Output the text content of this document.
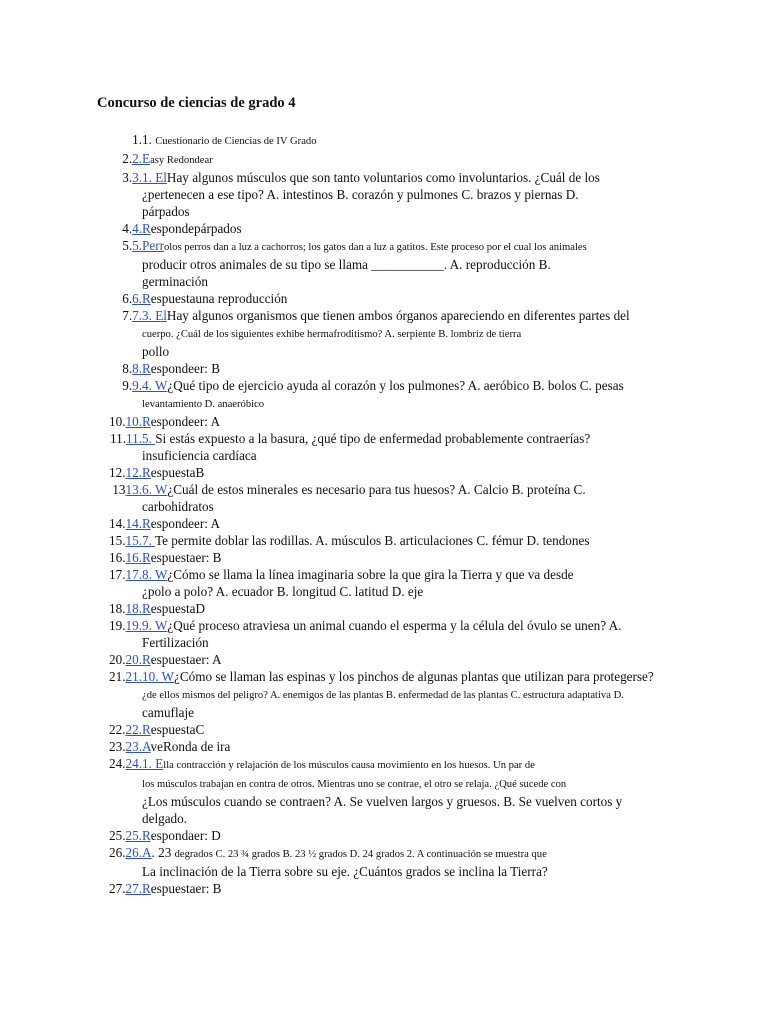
Concurso de ciencias de grado 4
1. 1. Cuestionario de Ciencias de IV Grado
2. 2. Easy Redondear
3. 3. 1. ElHay algunos músculos que son tanto voluntarios como involuntarios. ¿Cuál de los
¿pertenecen a ese tipo? A. intestinos B. corazón y pulmones C. brazos y piernas D.
párpados
4. 4. Respondepárpados
5. 5. Perrolos perros dan a luz a cachorros; los gatos dan a luz a gatitos. Este proceso por el cual los animales
producir otros animales de su tipo se llama ___________. A. reproducción B.
germinación
6. 6. Respuestauna reproducción
7. 7. 3. ElHay algunos organismos que tienen ambos órganos apareciendo en diferentes partes del
cuerpo. ¿Cuál de los siguientes exhibe hermafroditismo? A. serpiente B. lombriz de tierra
pollo
8. 8. Respondeer: B
9. 9. 4. W¿Qué tipo de ejercicio ayuda al corazón y los pulmones? A. aeróbico B. bolos C. pesas
levantamiento D. anaeróbico
10. 10. Respondeer: A
11. 11. 5. Si estás expuesto a la basura, ¿qué tipo de enfermedad probablemente contraerías?
insuficiencia cardíaca
12. 12. RespuestaB
13 13. 6. W¿Cuál de estos minerales es necesario para tus huesos? A. Calcio B. proteína C.
carbohidratos
14. 14. Respondeer: A
15. 15. 7. Te permite doblar las rodillas. A. músculos B. articulaciones C. fémur D. tendones
16. 16. Respuestaer: B
17. 17. 8. W¿Cómo se llama la línea imaginaria sobre la que gira la Tierra y que va desde
¿polo a polo? A. ecuador B. longitud C. latitud D. eje
18. 18. RespuestaD
19. 19. 9. W¿Qué proceso atraviesa un animal cuando el esperma y la célula del óvulo se unen? A.
Fertilización
20. 20. Respuestaer: A
21. 21. 10. W¿Cómo se llaman las espinas y los pinchos de algunas plantas que utilizan para protegerse?
¿de ellos mismos del peligro? A. enemigos de las plantas B. enfermedad de las plantas C. estructura adaptativa D.
camuflaje
22. 22. RespuestaC
23. 23. AveRonda de ira
24. 24. 1. Ella contracción y relajación de los músculos causa movimiento en los huesos. Un par de
los músculos trabajan en contra de otros. Mientras uno se contrae, el otro se relaja. ¿Qué sucede con
¿Los músculos cuando se contraen? A. Se vuelven largos y gruesos. B. Se vuelven cortos y
delgado.
25. 25. Respondaer: D
26. 26. A. 23 degrados C. 23 ¾ grados B. 23 ½ grados D. 24 grados 2. A continuación se muestra que
La inclinación de la Tierra sobre su eje. ¿Cuántos grados se inclina la Tierra?
27. 27. Respuestaer: B
